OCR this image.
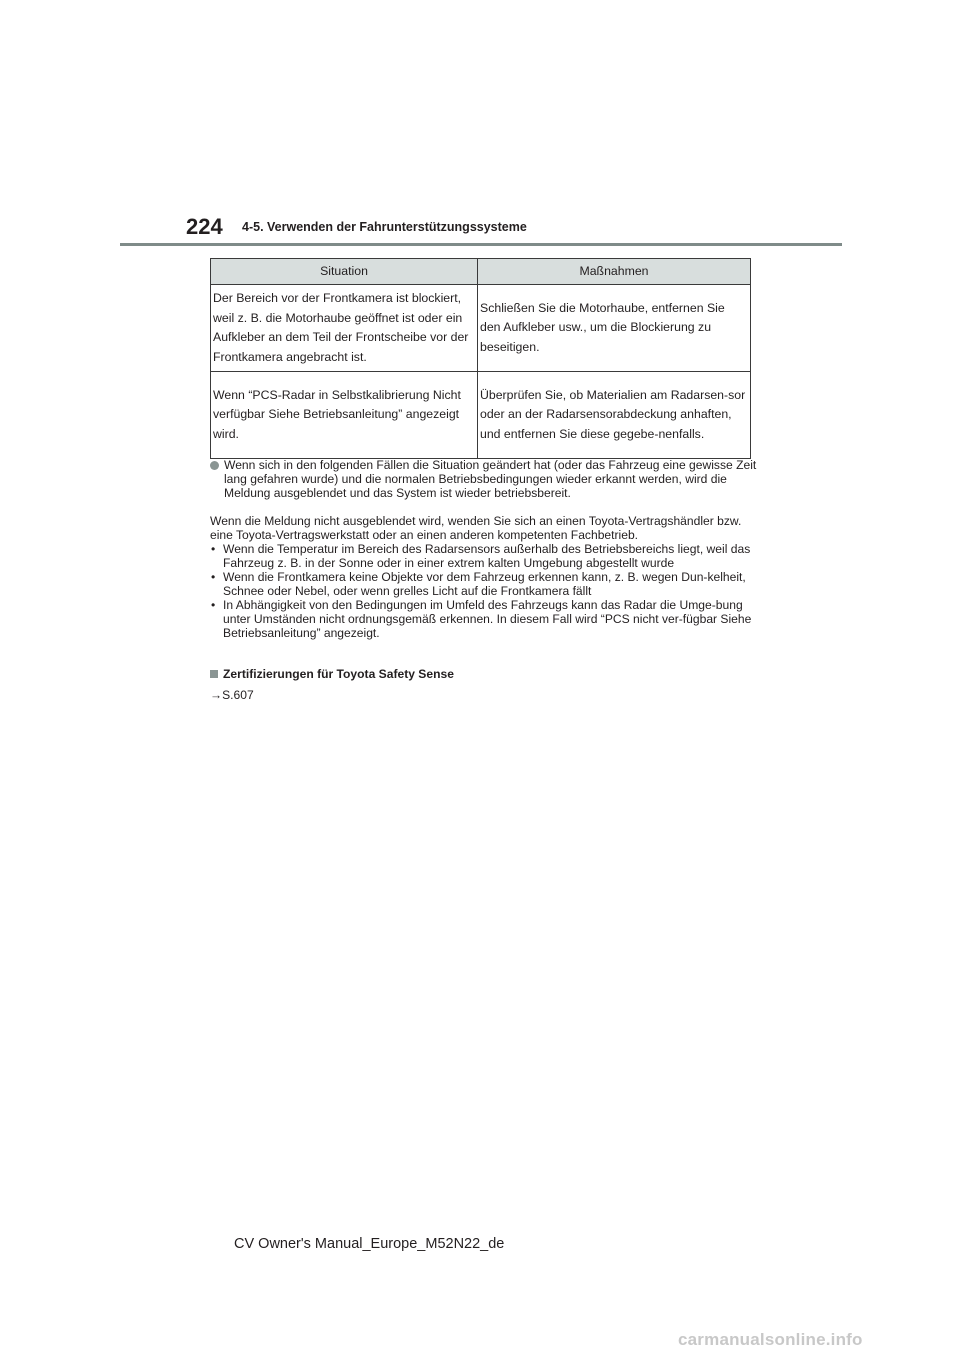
224 4-5. Verwenden der Fahrunterstützungssysteme
Situation	Maßnahmen
Der Bereich vor der Frontkamera ist blockiert, weil z. B. die Motorhaube geöffnet ist oder ein Aufkleber an dem Teil der Frontscheibe vor der Frontkamera angebracht ist.	Schließen Sie die Motorhaube, entfernen Sie den Aufkleber usw., um die Blockierung zu beseitigen.
Wenn “PCS-Radar in Selbstkalibrierung Nicht verfügbar Siehe Betriebsanleitung” angezeigt wird.	Überprüfen Sie, ob Materialien am Radarsen-sor oder an der Radarsensorabdeckung anhaften, und entfernen Sie diese gegebe-nenfalls.
Wenn sich in den folgenden Fällen die Situation geändert hat (oder das Fahrzeug eine gewisse Zeit lang gefahren wurde) und die normalen Betriebsbedingungen wieder erkannt werden, wird die Meldung ausgeblendet und das System ist wieder betriebsbereit.
Wenn die Meldung nicht ausgeblendet wird, wenden Sie sich an einen Toyota-Vertragshändler bzw. eine Toyota-Vertragswerkstatt oder an einen anderen kompetenten Fachbetrieb.
• Wenn die Temperatur im Bereich des Radarsensors außerhalb des Betriebsbereichs liegt, weil das Fahrzeug z. B. in der Sonne oder in einer extrem kalten Umgebung abgestellt wurde
• Wenn die Frontkamera keine Objekte vor dem Fahrzeug erkennen kann, z. B. wegen Dun-kelheit, Schnee oder Nebel, oder wenn grelles Licht auf die Frontkamera fällt
• In Abhängigkeit von den Bedingungen im Umfeld des Fahrzeugs kann das Radar die Umge-bung unter Umständen nicht ordnungsgemäß erkennen. In diesem Fall wird “PCS nicht ver-fügbar Siehe Betriebsanleitung” angezeigt.
Zertifizierungen für Toyota Safety Sense
→S.607
CV Owner's Manual_Europe_M52N22_de
carmanualsonline.info
